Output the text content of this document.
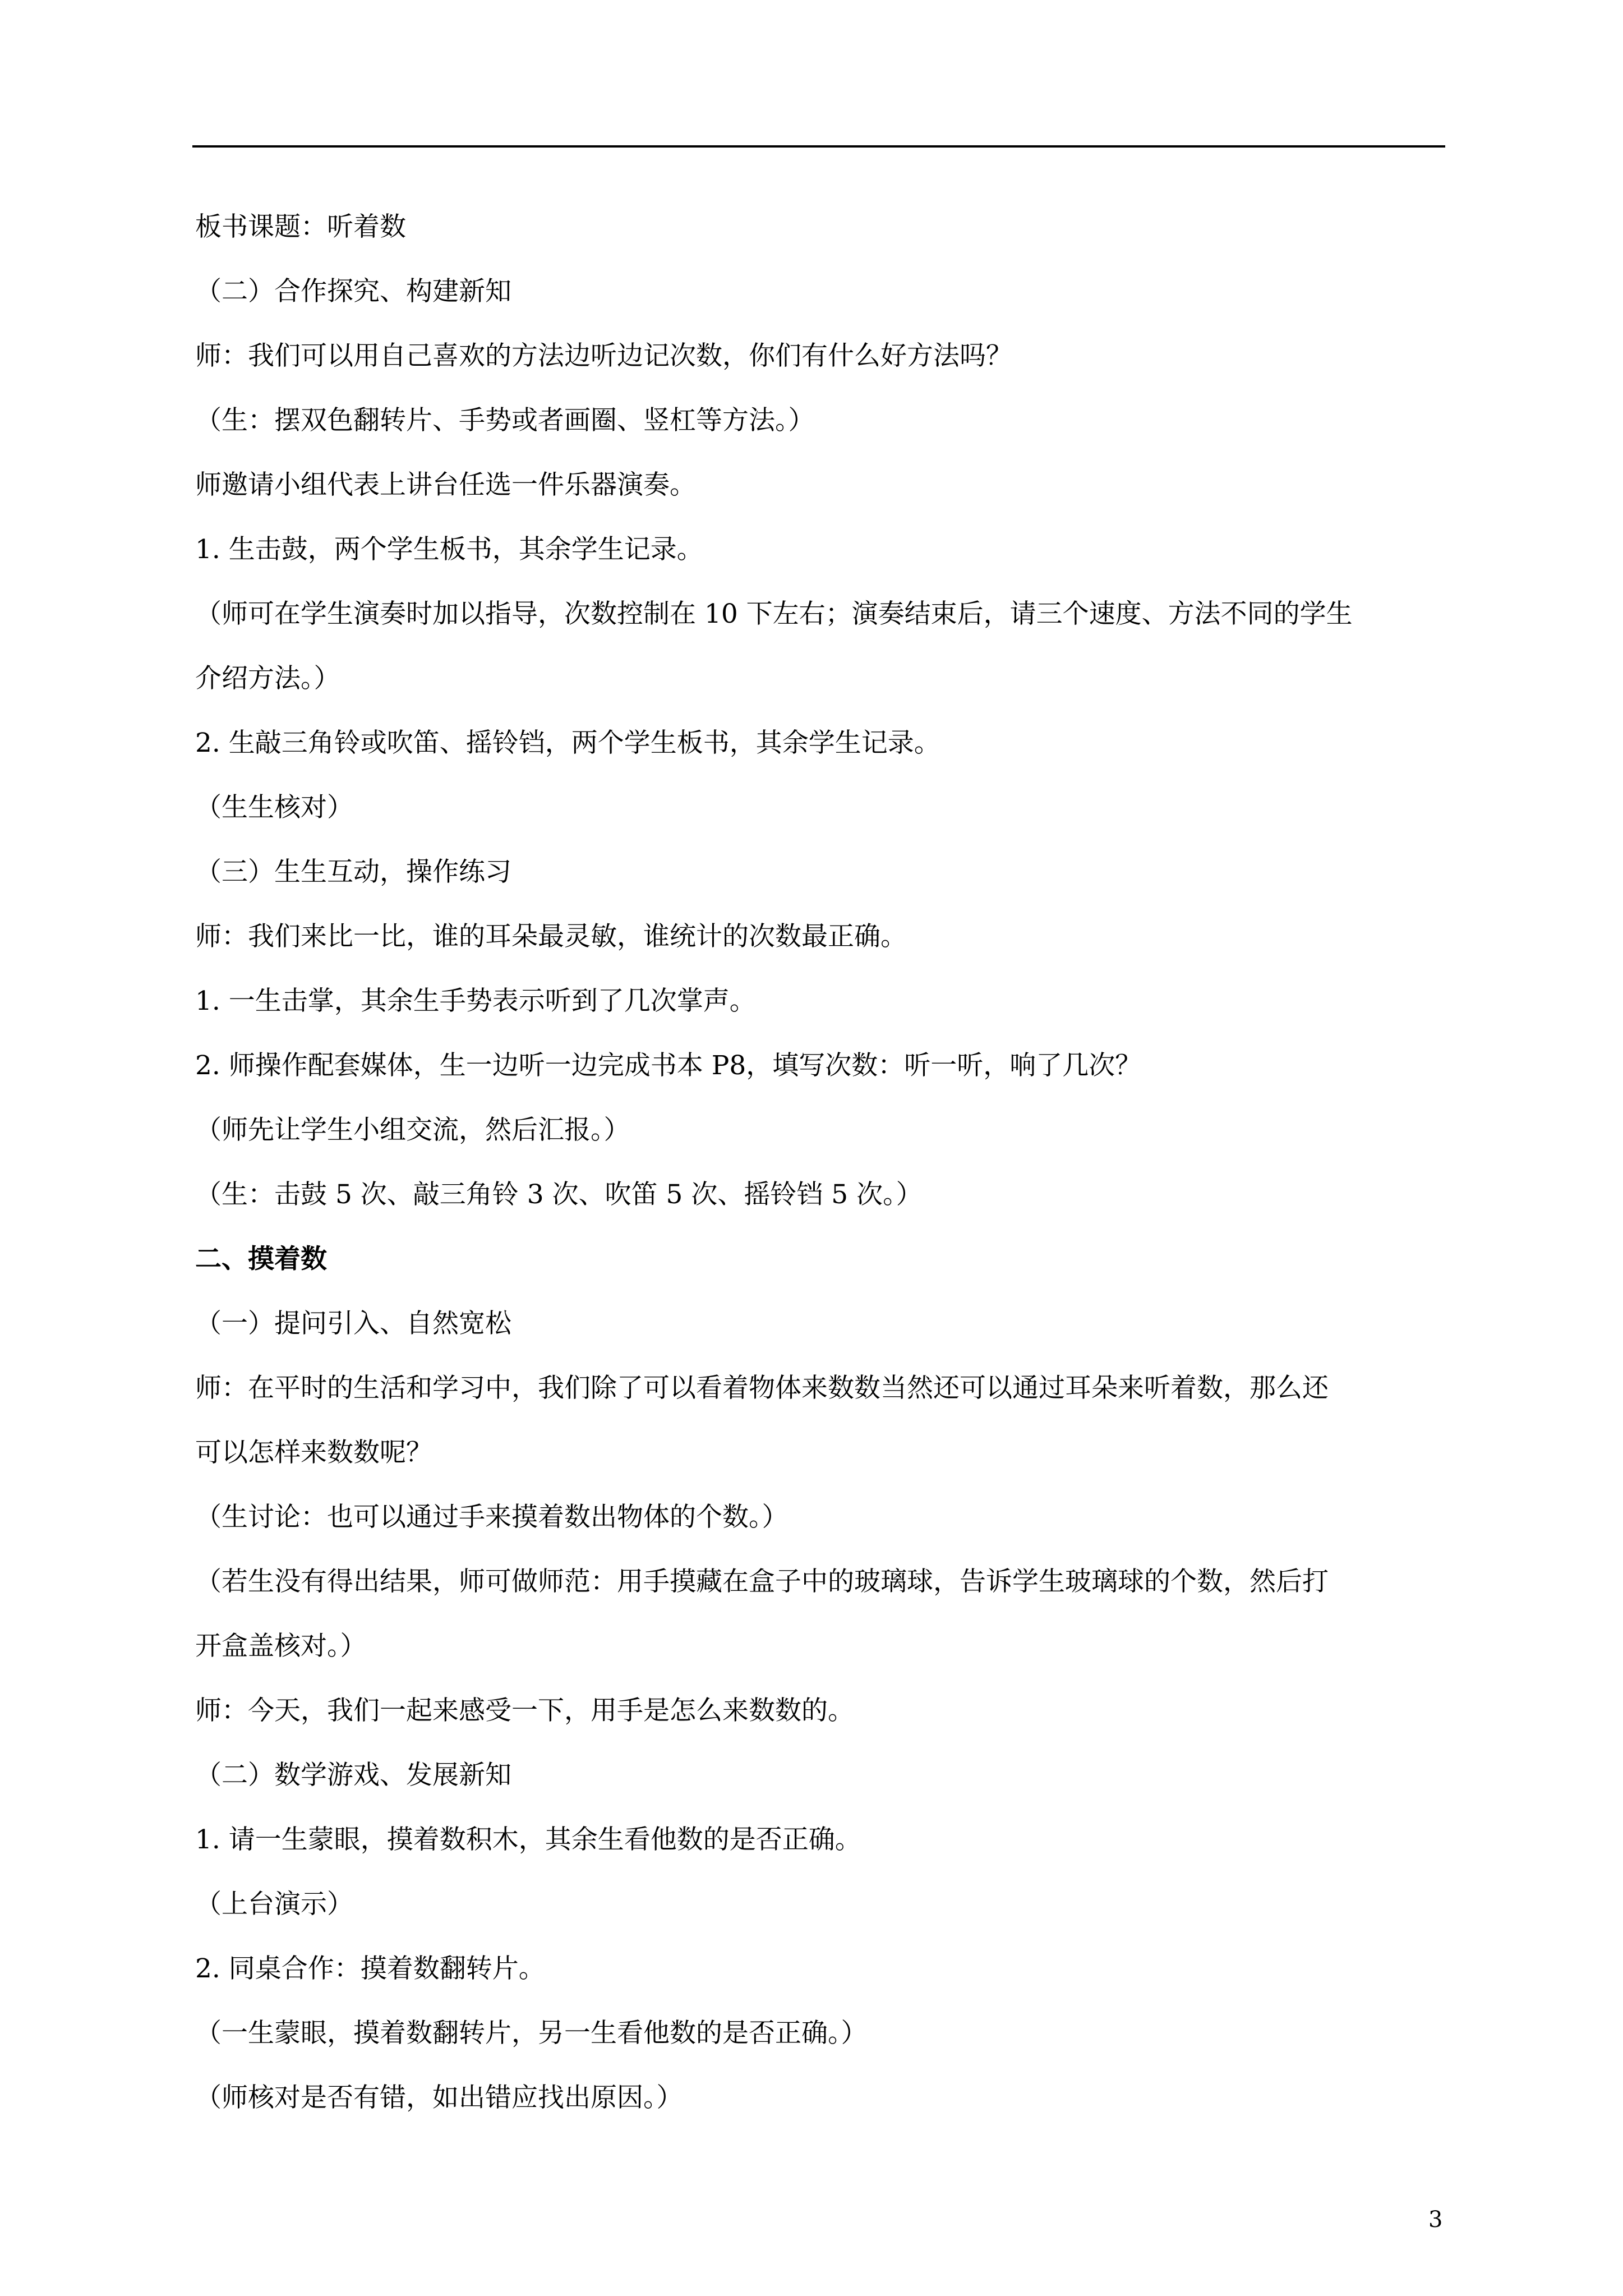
板书课题：听着数
（二）合作探究、构建新知
师：我们可以用自己喜欢的方法边听边记次数，你们有什么好方法吗？
（生：摆双色翻转片、手势或者画圈、竖杠等方法。）
师邀请小组代表上讲台任选一件乐器演奏。
1. 生击鼓，两个学生板书，其余学生记录。
（师可在学生演奏时加以指导，次数控制在 10 下左右；演奏结束后，请三个速度、方法不同的学生
介绍方法。）
2. 生敲三角铃或吹笛、摇铃铛，两个学生板书，其余学生记录。
（生生核对）
（三）生生互动，操作练习
师：我们来比一比，谁的耳朵最灵敏，谁统计的次数最正确。
1. 一生击掌，其余生手势表示听到了几次掌声。
2. 师操作配套媒体，生一边听一边完成书本 P8，填写次数：听一听，响了几次？
（师先让学生小组交流，然后汇报。）
（生：击鼓 5 次、敲三角铃 3 次、吹笛 5 次、摇铃铛 5 次。）
二、摸着数
（一）提问引入、自然宽松
师：在平时的生活和学习中，我们除了可以看着物体来数数当然还可以通过耳朵来听着数，那么还
可以怎样来数数呢？
（生讨论：也可以通过手来摸着数出物体的个数。）
（若生没有得出结果，师可做师范：用手摸藏在盒子中的玻璃球，告诉学生玻璃球的个数，然后打
开盒盖核对。）
师：今天，我们一起来感受一下，用手是怎么来数数的。
（二）数学游戏、发展新知
1. 请一生蒙眼，摸着数积木，其余生看他数的是否正确。
（上台演示）
2. 同桌合作：摸着数翻转片。
（一生蒙眼，摸着数翻转片，另一生看他数的是否正确。）
（师核对是否有错，如出错应找出原因。）
3
